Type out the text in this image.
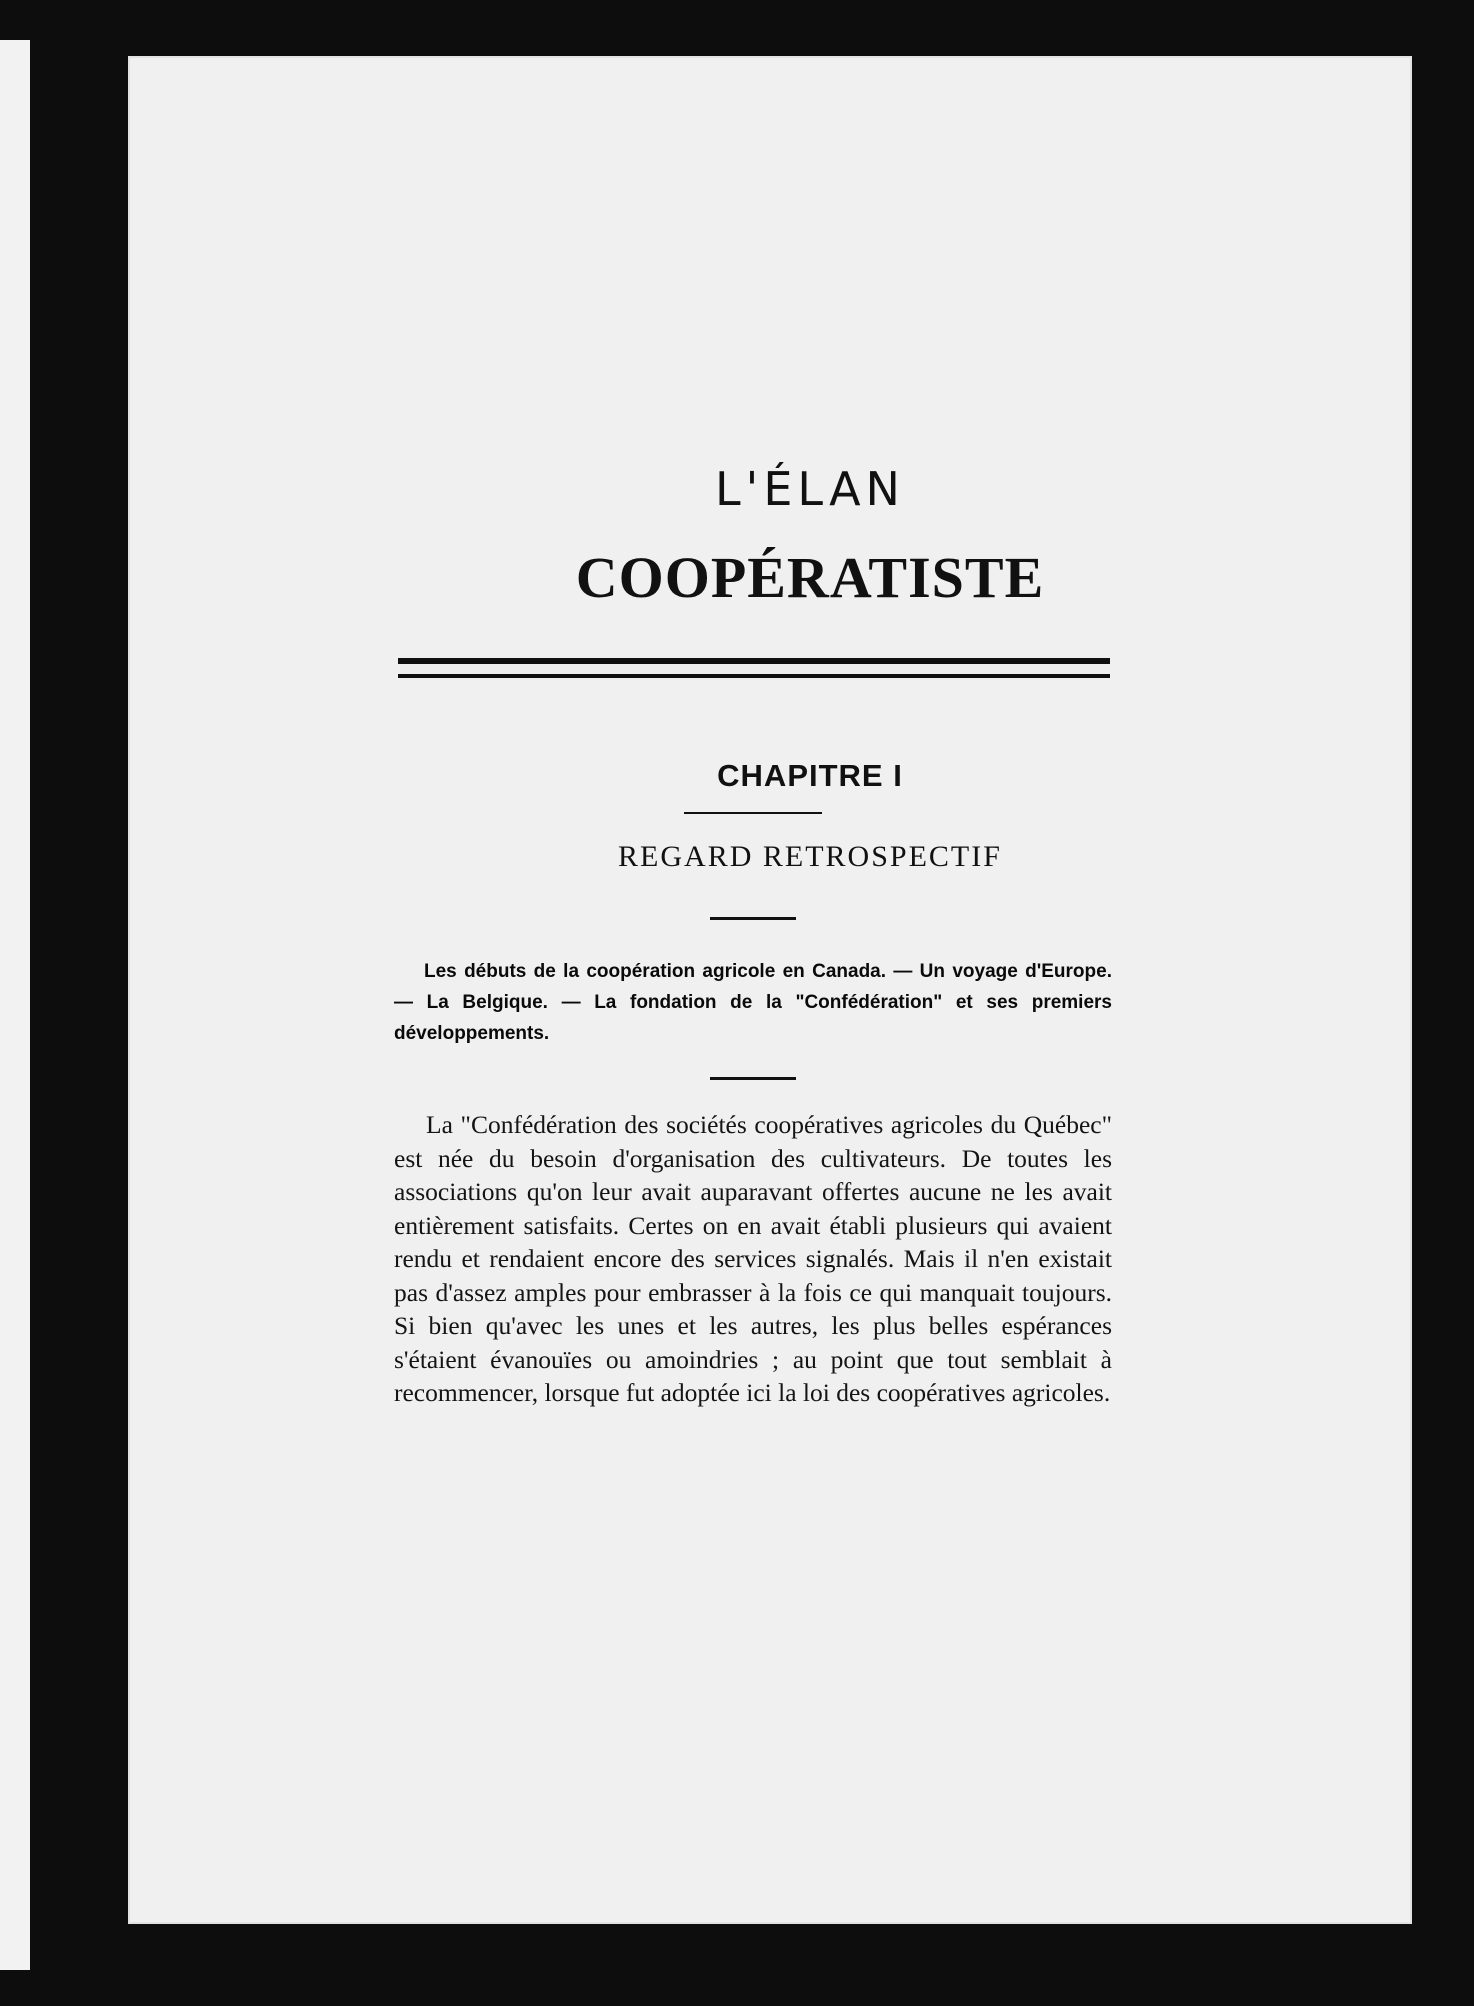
L'ÉLAN
COOPÉRATISTE
CHAPITRE I
REGARD RETROSPECTIF
Les débuts de la coopération agricole en Canada. — Un voyage d'Europe. — La Belgique. — La fondation de la "Confédération" et ses premiers développements.
La "Confédération des sociétés coopératives agricoles du Québec" est née du besoin d'organisation des cultivateurs. De toutes les associations qu'on leur avait auparavant offertes aucune ne les avait entièrement satisfaits. Certes on en avait établi plusieurs qui avaient rendu et rendaient encore des services signalés. Mais il n'en existait pas d'assez amples pour embrasser à la fois ce qui manquait toujours. Si bien qu'avec les unes et les autres, les plus belles espérances s'étaient évanouïes ou amoindries ; au point que tout semblait à recommencer, lorsque fut adoptée ici la loi des coopératives agricoles.
